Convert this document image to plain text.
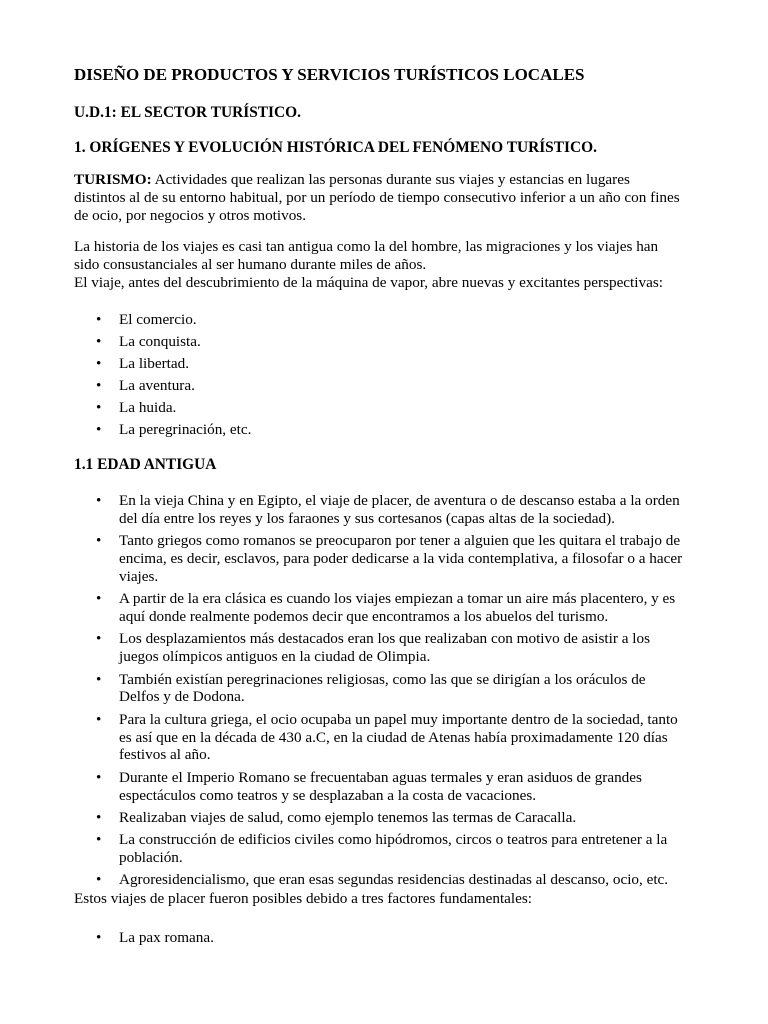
DISEÑO DE PRODUCTOS Y SERVICIOS TURÍSTICOS LOCALES
U.D.1: EL SECTOR TURÍSTICO.
1. ORÍGENES Y EVOLUCIÓN HISTÓRICA DEL FENÓMENO TURÍSTICO.

TURISMO: Actividades que realizan las personas durante sus viajes y estancias en lugares
distintos al de su entorno habitual, por un período de tiempo consecutivo inferior a un año con fines
de ocio, por negocios y otros motivos.

La historia de los viajes es casi tan antigua como la del hombre, las migraciones y los viajes han
sido consustanciales al ser humano durante miles de años.
El viaje, antes del descubrimiento de la máquina de vapor, abre nuevas y excitantes perspectivas:

• El comercio.
• La conquista.
• La libertad.
• La aventura.
• La huida.
• La peregrinación, etc.
1.1 EDAD ANTIGUA
• En la vieja China y en Egipto, el viaje de placer, de aventura o de descanso estaba a la orden
del día entre los reyes y los faraones y sus cortesanos (capas altas de la sociedad).
• Tanto griegos como romanos se preocuparon por tener a alguien que les quitara el trabajo de
encima, es decir, esclavos, para poder dedicarse a la vida contemplativa, a filosofar o a hacer
viajes.
• A partir de la era clásica es cuando los viajes empiezan a tomar un aire más placentero, y es
aquí donde realmente podemos decir que encontramos a los abuelos del turismo.
• Los desplazamientos más destacados eran los que realizaban con motivo de asistir a los
juegos olímpicos antiguos en la ciudad de Olimpia.
• También existían peregrinaciones religiosas, como las que se dirigían a los oráculos de
Delfos y de Dodona.
• Para la cultura griega, el ocio ocupaba un papel muy importante dentro de la sociedad, tanto
es así que en la década de 430 a.C, en la ciudad de Atenas había proximadamente 120 días
festivos al año.
• Durante el Imperio Romano se frecuentaban aguas termales y eran asiduos de grandes
espectáculos como teatros y se desplazaban a la costa de vacaciones.
• Realizaban viajes de salud, como ejemplo tenemos las termas de Caracalla.
• La construcción de edificios civiles como hipódromos, circos o teatros para entretener a la
población.
• Agroresidencialismo, que eran esas segundas residencias destinadas al descanso, ocio, etc.

Estos viajes de placer fueron posibles debido a tres factores fundamentales:

• La pax romana.
